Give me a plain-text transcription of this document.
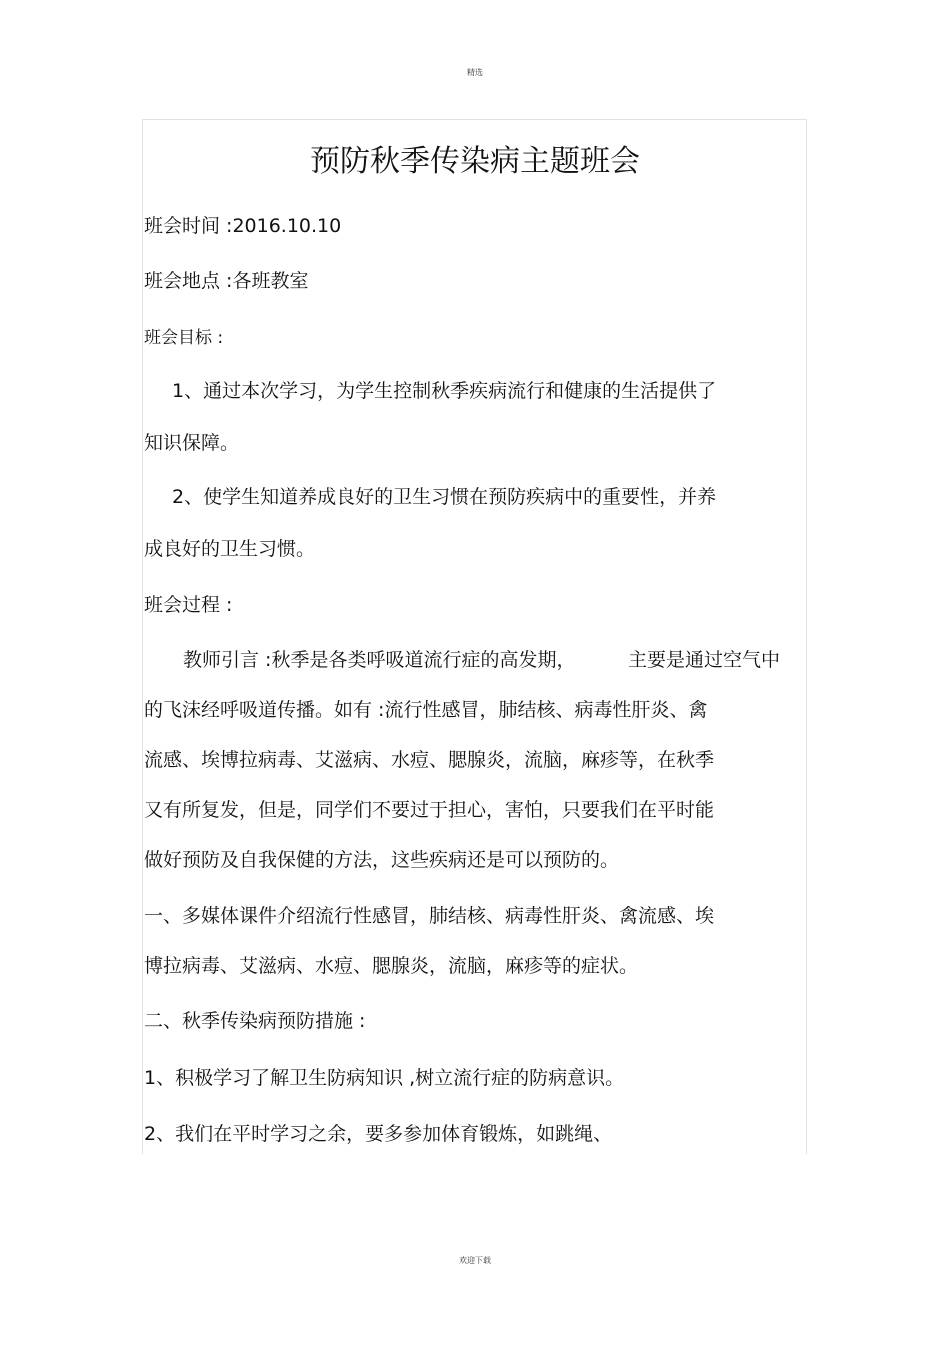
精选
预防秋季传染病主题班会
班会时间 :2016.10.10
班会地点 :各班教室
班会目标 :
1、通过本次学习，为学生控制秋季疾病流行和健康的生活提供了
知识保障。
2、使学生知道养成良好的卫生习惯在预防疾病中的重要性，并养
成良好的卫生习惯。
班会过程 :
教师引言 :秋季是各类呼吸道流行症的高发期，	主要是通过空气中
的飞沫经呼吸道传播。如有 :流行性感冒，肺结核、病毒性肝炎、禽
流感、埃博拉病毒、艾滋病、水痘、腮腺炎，流脑，麻疹等，在秋季
又有所复发，但是，同学们不要过于担心，害怕，只要我们在平时能
做好预防及自我保健的方法，这些疾病还是可以预防的。
一、多媒体课件介绍流行性感冒，肺结核、病毒性肝炎、禽流感、埃
博拉病毒、艾滋病、水痘、腮腺炎，流脑，麻疹等的症状。
二、秋季传染病预防措施 :
1、积极学习了解卫生防病知识 ,树立流行症的防病意识。
2、我们在平时学习之余，要多参加体育锻炼，如跳绳、
欢迎下载
